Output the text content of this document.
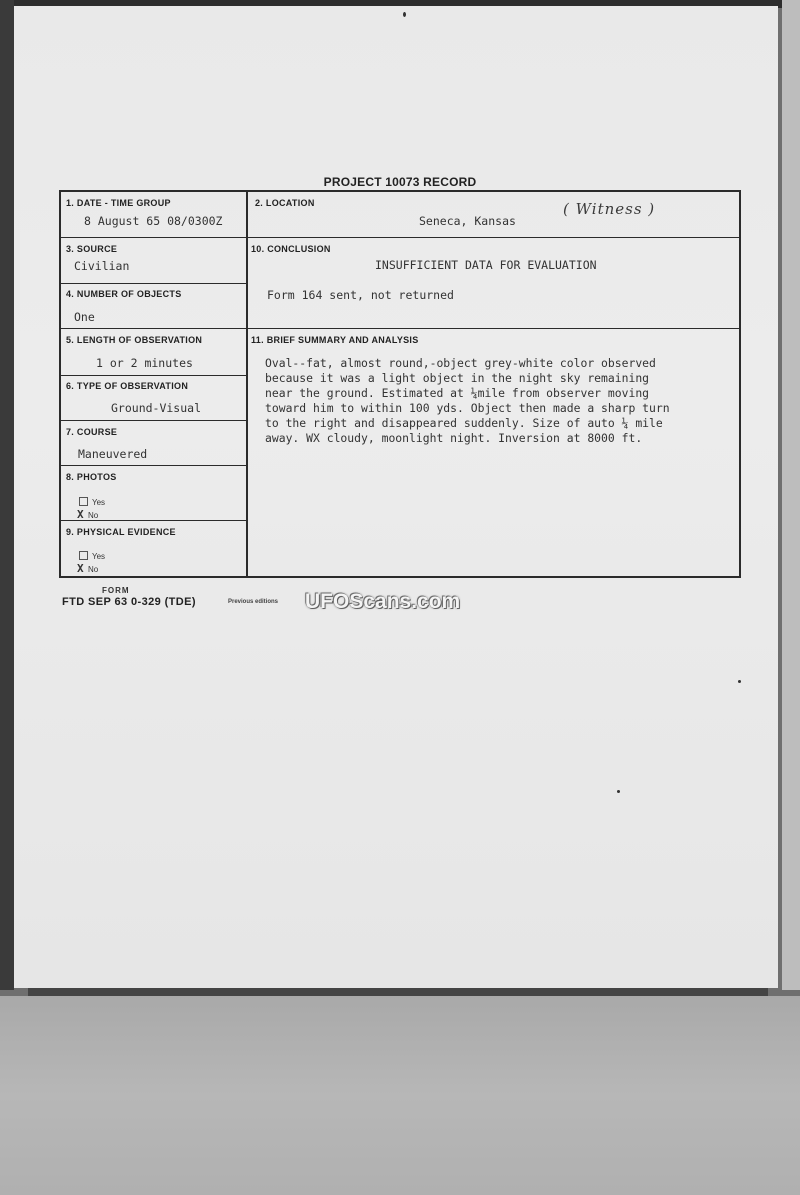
PROJECT 10073 RECORD
1. DATE - TIME GROUP
8 August 65 08/0300Z
2. LOCATION
Seneca, Kansas
( Witness )
3. SOURCE
Civilian
10. CONCLUSION
INSUFFICIENT DATA FOR EVALUATION
Form 164 sent, not returned
4. NUMBER OF OBJECTS
One
5. LENGTH OF OBSERVATION
1 or 2 minutes
11. BRIEF SUMMARY AND ANALYSIS
Oval--fat, almost round,-object grey-white color observed
because it was a light object in the night sky remaining
near the ground. Estimated at ¼mile from observer moving
toward him to within 100 yds. Object then made a sharp turn
to the right and disappeared suddenly. Size of auto ¼ mile
away. WX cloudy, moonlight night. Inversion at 8000 ft.
6. TYPE OF OBSERVATION
Ground-Visual
7. COURSE
Maneuvered
8. PHOTOS
Yes
X No
9. PHYSICAL EVIDENCE
Yes
X No
FORM
FTD SEP 63 0-329 (TDE)	Previous editions UFOScans.com
